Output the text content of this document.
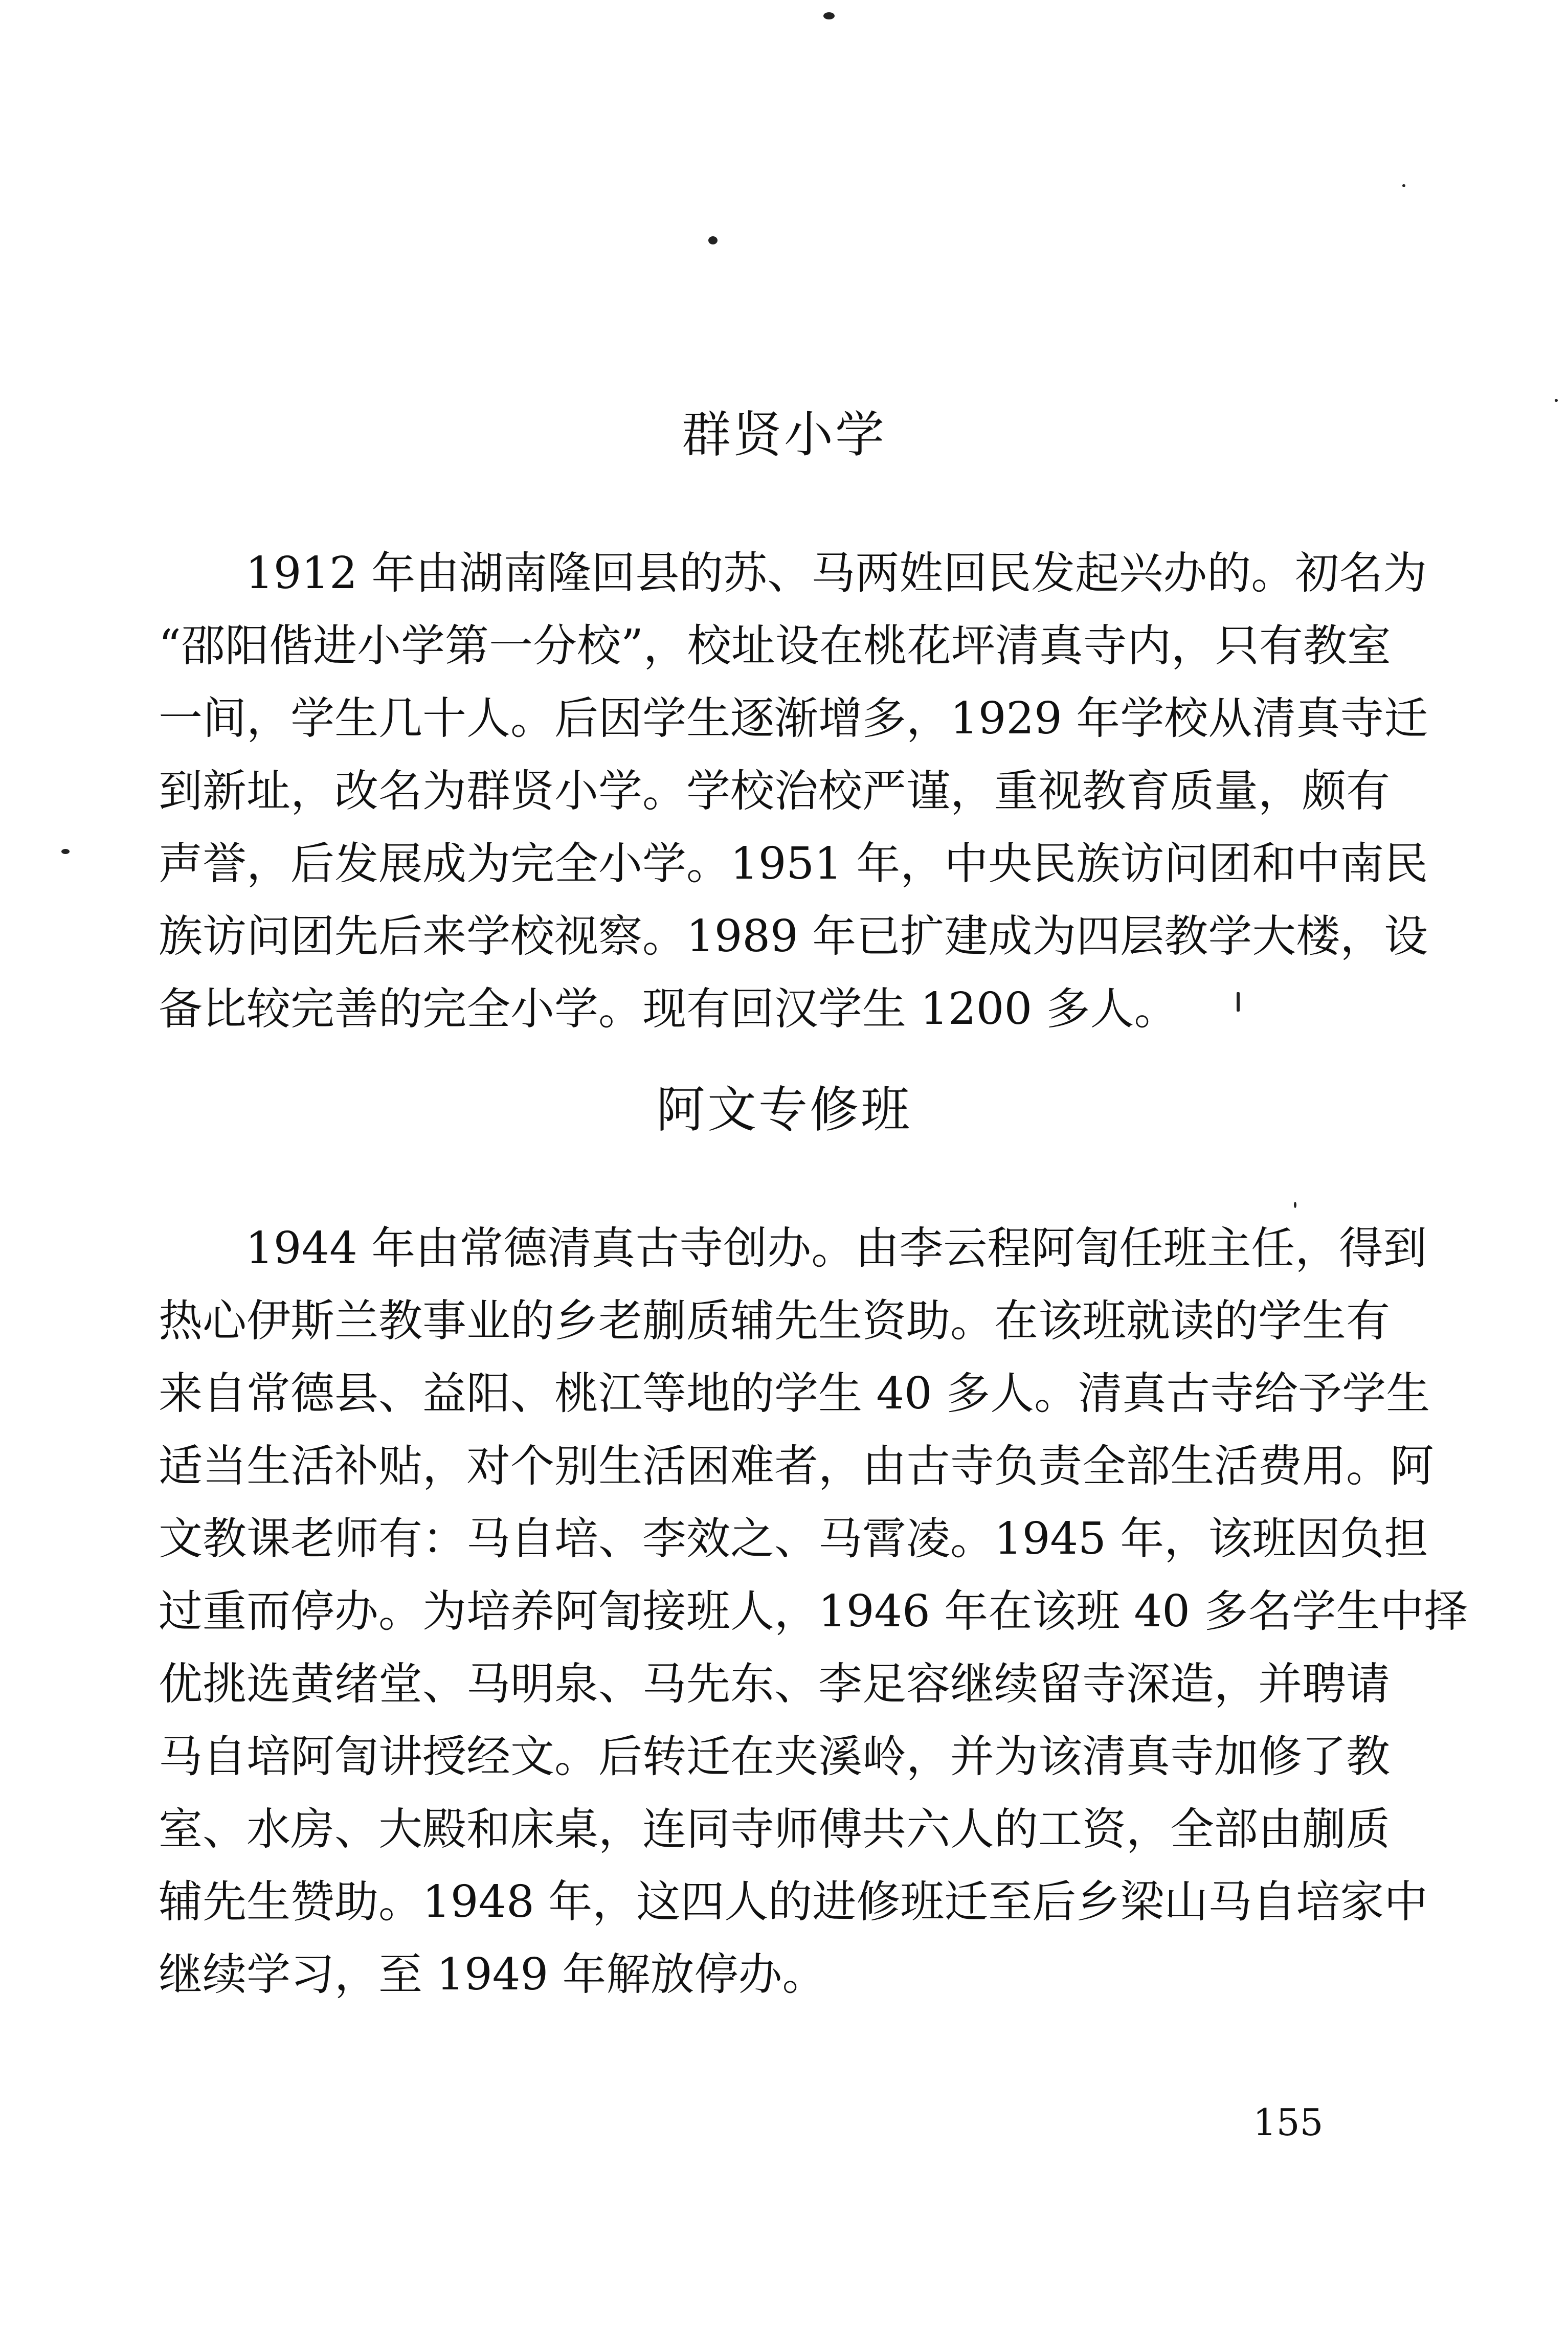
群贤小学
1912 年由湖南隆回县的苏、马两姓回民发起兴办的。初名为
“邵阳偕进小学第一分校”，校址设在桃花坪清真寺内，只有教室
一间，学生几十人。后因学生逐渐增多，1929 年学校从清真寺迁
到新址，改名为群贤小学。学校治校严谨，重视教育质量，颇有
声誉，后发展成为完全小学。1951 年，中央民族访问团和中南民
族访问团先后来学校视察。1989 年已扩建成为四层教学大楼，设
备比较完善的完全小学。现有回汉学生 1200 多人。
阿文专修班
1944 年由常德清真古寺创办。由李云程阿訇任班主任，得到
热心伊斯兰教事业的乡老蒯质辅先生资助。在该班就读的学生有
来自常德县、益阳、桃江等地的学生 40 多人。清真古寺给予学生
适当生活补贴，对个别生活困难者，由古寺负责全部生活费用。阿
文教课老师有：马自培、李效之、马霄凌。1945 年，该班因负担
过重而停办。为培养阿訇接班人，1946 年在该班 40 多名学生中择
优挑选黄绪堂、马明泉、马先东、李足容继续留寺深造，并聘请
马自培阿訇讲授经文。后转迁在夹溪岭，并为该清真寺加修了教
室、水房、大殿和床桌，连同寺师傅共六人的工资，全部由蒯质
辅先生赞助。1948 年，这四人的进修班迁至后乡梁山马自培家中
继续学习，至 1949 年解放停办。
155
